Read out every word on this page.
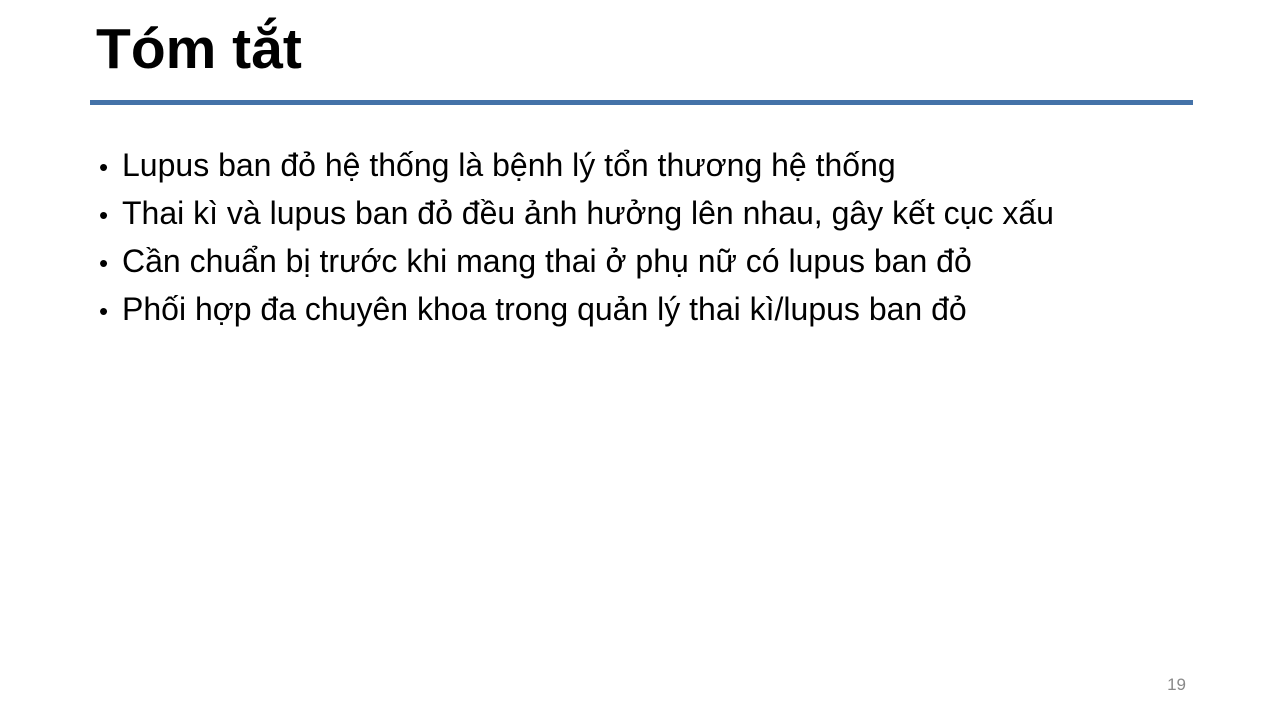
Tóm tắt
• Lupus ban đỏ hệ thống là bệnh lý tổn thương hệ thống
• Thai kì và lupus ban đỏ đều ảnh hưởng lên nhau, gây kết cục xấu
• Cần chuẩn bị trước khi mang thai ở phụ nữ có lupus ban đỏ
• Phối hợp đa chuyên khoa trong quản lý thai kì/lupus ban đỏ
19
